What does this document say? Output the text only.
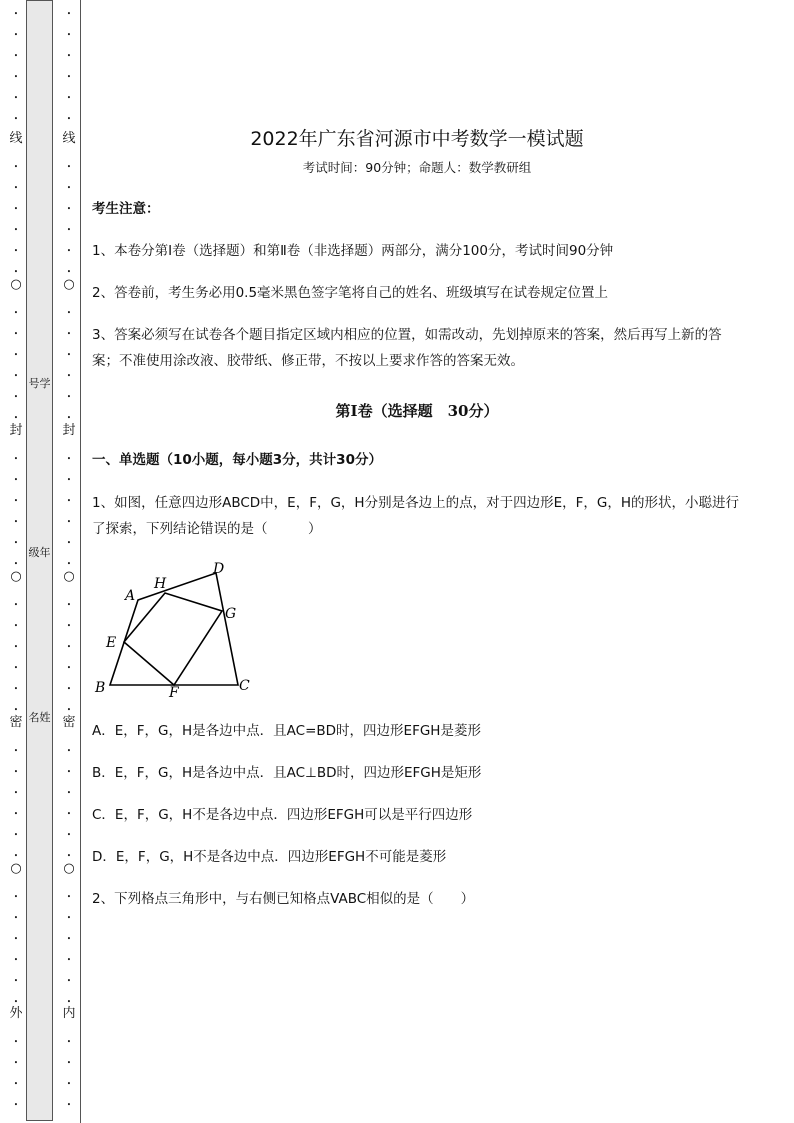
•
•
•
•
•
•
线
•
•
•
•
•
•
○
•
•
•
•
•
•
封
•
•
•
•
•
•
○
•
•
•
•
•
•
密
•
•
•
•
•
•
○
•
•
•
•
•
•
外
•
•
•
•
号学
级年
名姓
•
•
•
•
•
•
线
•
•
•
•
•
•
○
•
•
•
•
•
•
封
•
•
•
•
•
•
○
•
•
•
•
•
•
密
•
•
•
•
•
•
○
•
•
•
•
•
•
内
•
•
•
•
2022年广东省河源市中考数学一模试题
考试时间：90分钟；命题人：数学教研组
考生注意：
1、本卷分第I卷（选择题）和第Ⅱ卷（非选择题）两部分，满分100分，考试时间90分钟
2、答卷前，考生务必用0.5毫米黑色签字笔将自己的姓名、班级填写在试卷规定位置上
3、答案必须写在试卷各个题目指定区域内相应的位置，如需改动，先划掉原来的答案，然后再写上新的答案；不准使用涂改液、胶带纸、修正带，不按以上要求作答的答案无效。
第I卷（选择题　30分）
一、单选题（10小题，每小题3分，共计30分）
1、如图，任意四边形ABCD中，E，F，G，H分别是各边上的点，对于四边形E，F，G，H的形状，小聪进行了探索，下列结论错误的是（　　　）
A
H
D
G
E
B	F	C
A．E，F，G，H是各边中点．且AC=BD时，四边形EFGH是菱形
B．E，F，G，H是各边中点．且AC⊥BD时，四边形EFGH是矩形
C．E，F，G，H不是各边中点．四边形EFGH可以是平行四边形
D．E，F，G，H不是各边中点．四边形EFGH不可能是菱形
2、下列格点三角形中，与右侧已知格点VABC相似的是（　　）
